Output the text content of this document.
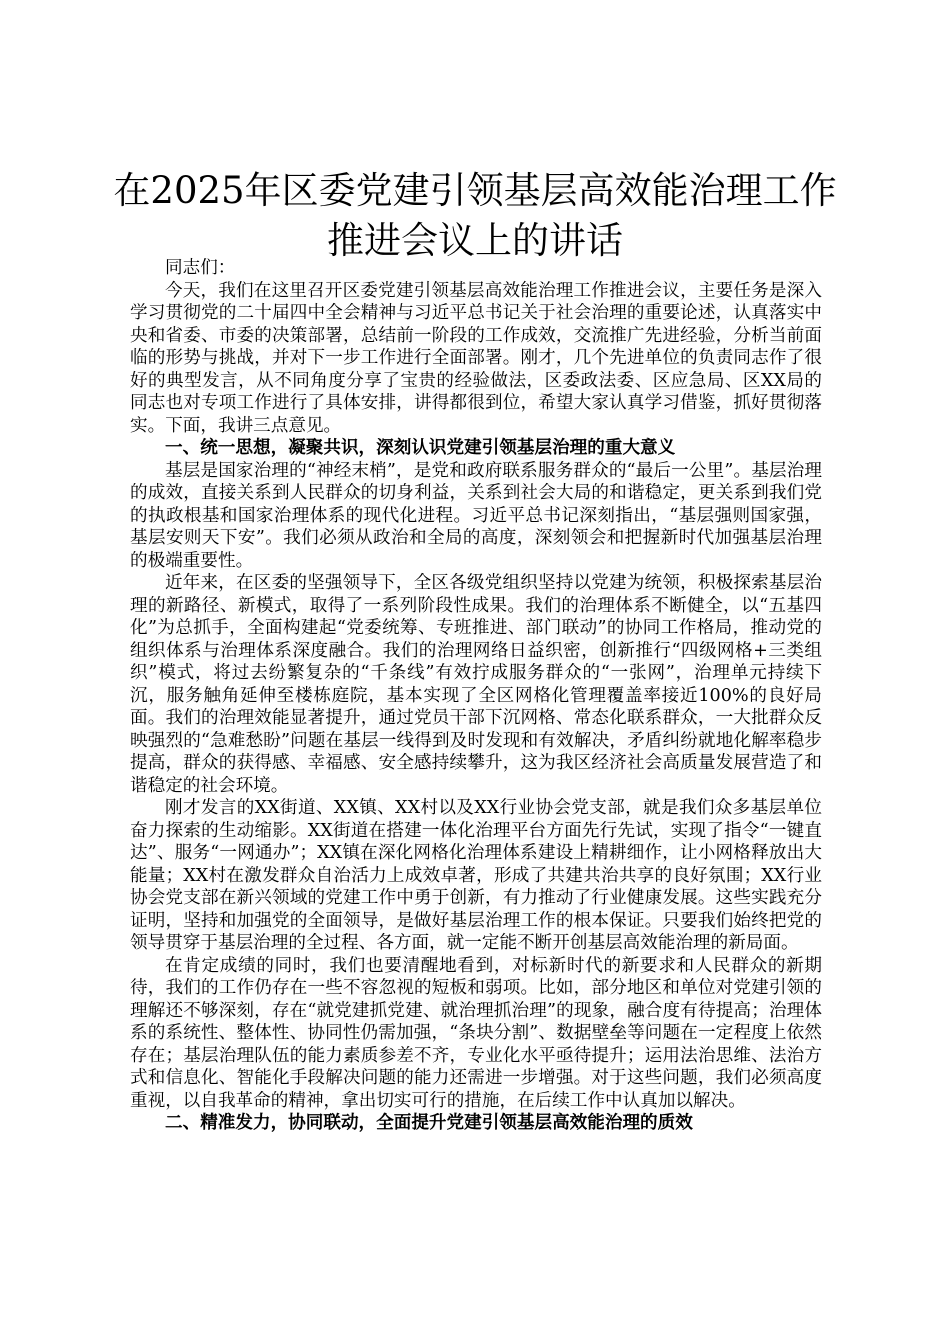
在2025年区委党建引领基层高效能治理工作
推进会议上的讲话

同志们：

今天，我们在这里召开区委党建引领基层高效能治理工作推进会议，主要任务是深入学习贯彻党的二十届四中全会精神与习近平总书记关于社会治理的重要论述，认真落实中央和省委、市委的决策部署，总结前一阶段的工作成效，交流推广先进经验，分析当前面临的形势与挑战，并对下一步工作进行全面部署。刚才，几个先进单位的负责同志作了很好的典型发言，从不同角度分享了宝贵的经验做法，区委政法委、区应急局、区XX局的同志也对专项工作进行了具体安排，讲得都很到位，希望大家认真学习借鉴，抓好贯彻落实。下面，我讲三点意见。

一、统一思想，凝聚共识，深刻认识党建引领基层治理的重大意义

基层是国家治理的“神经末梢”，是党和政府联系服务群众的“最后一公里”。基层治理的成效，直接关系到人民群众的切身利益，关系到社会大局的和谐稳定，更关系到我们党的执政根基和国家治理体系的现代化进程。习近平总书记深刻指出，“基层强则国家强，基层安则天下安”。我们必须从政治和全局的高度，深刻领会和把握新时代加强基层治理的极端重要性。

近年来，在区委的坚强领导下，全区各级党组织坚持以党建为统领，积极探索基层治理的新路径、新模式，取得了一系列阶段性成果。我们的治理体系不断健全，以“五基四化”为总抓手，全面构建起“党委统筹、专班推进、部门联动”的协同工作格局，推动党的组织体系与治理体系深度融合。我们的治理网络日益织密，创新推行“四级网格+三类组织”模式，将过去纷繁复杂的“千条线”有效拧成服务群众的“一张网”，治理单元持续下沉，服务触角延伸至楼栋庭院，基本实现了全区网格化管理覆盖率接近100%的良好局面。我们的治理效能显著提升，通过党员干部下沉网格、常态化联系群众，一大批群众反映强烈的“急难愁盼”问题在基层一线得到及时发现和有效解决，矛盾纠纷就地化解率稳步提高，群众的获得感、幸福感、安全感持续攀升，这为我区经济社会高质量发展营造了和谐稳定的社会环境。

刚才发言的XX街道、XX镇、XX村以及XX行业协会党支部，就是我们众多基层单位奋力探索的生动缩影。XX街道在搭建一体化治理平台方面先行先试，实现了指令“一键直达”、服务“一网通办”；XX镇在深化网格化治理体系建设上精耕细作，让小网格释放出大能量；XX村在激发群众自治活力上成效卓著，形成了共建共治共享的良好氛围；XX行业协会党支部在新兴领域的党建工作中勇于创新，有力推动了行业健康发展。这些实践充分证明，坚持和加强党的全面领导，是做好基层治理工作的根本保证。只要我们始终把党的领导贯穿于基层治理的全过程、各方面，就一定能不断开创基层高效能治理的新局面。

在肯定成绩的同时，我们也要清醒地看到，对标新时代的新要求和人民群众的新期待，我们的工作仍存在一些不容忽视的短板和弱项。比如，部分地区和单位对党建引领的理解还不够深刻，存在“就党建抓党建、就治理抓治理”的现象，融合度有待提高；治理体系的系统性、整体性、协同性仍需加强，“条块分割”、数据壁垒等问题在一定程度上依然存在；基层治理队伍的能力素质参差不齐，专业化水平亟待提升；运用法治思维、法治方式和信息化、智能化手段解决问题的能力还需进一步增强。对于这些问题，我们必须高度重视，以自我革命的精神，拿出切实可行的措施，在后续工作中认真加以解决。

二、精准发力，协同联动，全面提升党建引领基层高效能治理的质效
